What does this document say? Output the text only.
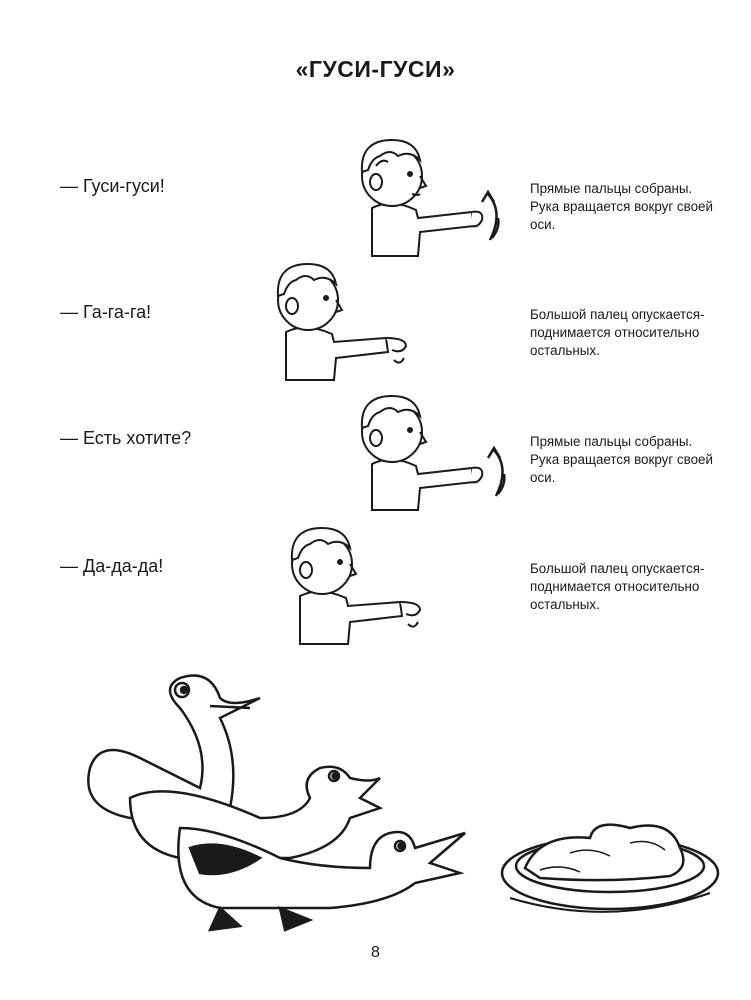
«ГУСИ-ГУСИ»
— Гуси-гуси!	Прямые пальцы собраны. Рука вращается вокруг своей оси.
— Га-га-га!	Большой палец опускается-поднимается относительно остальных.
— Есть хотите?	Прямые пальцы собраны. Рука вращается вокруг своей оси.
— Да-да-да!	Большой палец опускается-поднимается относительно остальных.
8
